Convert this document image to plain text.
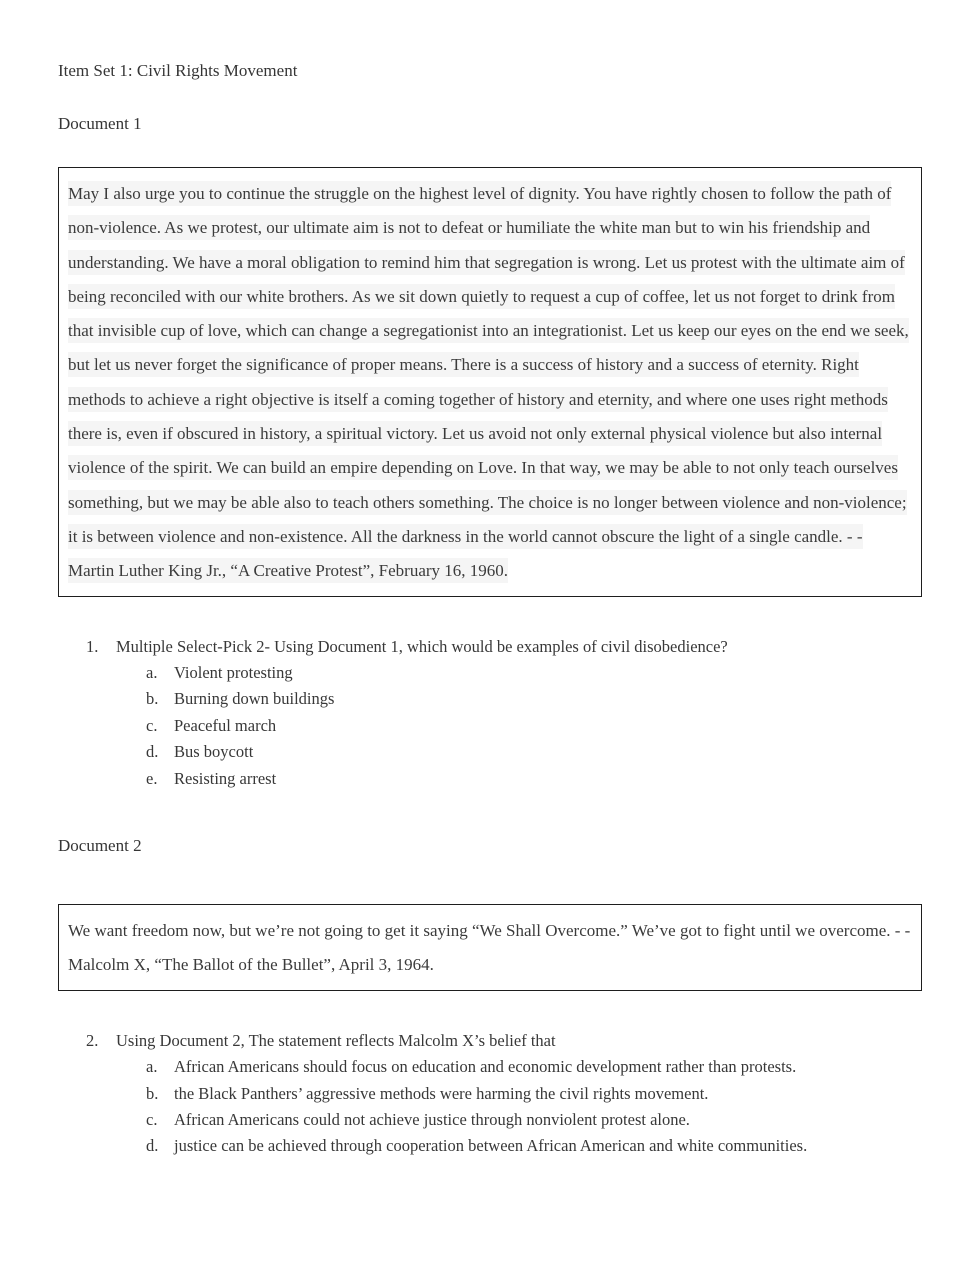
Item Set 1: Civil Rights Movement
Document 1

May I also urge you to continue the struggle on the highest level of dignity. You have rightly chosen to follow the path of non-violence. As we protest, our ultimate aim is not to defeat or humiliate the white man but to win his friendship and understanding. We have a moral obligation to remind him that segregation is wrong. Let us protest with the ultimate aim of being reconciled with our white brothers. As we sit down quietly to request a cup of coffee, let us not forget to drink from that invisible cup of love, which can change a segregationist into an integrationist. Let us keep our eyes on the end we seek, but let us never forget the significance of proper means. There is a success of history and a success of eternity. Right methods to achieve a right objective is itself a coming together of history and eternity, and where one uses right methods there is, even if obscured in history, a spiritual victory. Let us avoid not only external physical violence but also internal violence of the spirit. We can build an empire depending on Love. In that way, we may be able to not only teach ourselves something, but we may be able also to teach others something. The choice is no longer between violence and non-violence; it is between violence and non-existence. All the darkness in the world cannot obscure the light of a single candle. - - Martin Luther King Jr., “A Creative Protest”, February 16, 1960.

1.	Multiple Select-Pick 2- Using Document 1, which would be examples of civil disobedience?
a.	Violent protesting
b. Burning down buildings
c.	Peaceful march
d. Bus boycott
e.	Resisting arrest
Document 2

We want freedom now, but we’re not going to get it saying “We Shall Overcome.” We’ve got to fight until we overcome. - - Malcolm X, “The Ballot of the Bullet”, April 3, 1964.

2.	Using Document 2, The statement reflects Malcolm X’s belief that
a.	African Americans should focus on education and economic development rather than protests.
b. the Black Panthers’ aggressive methods were harming the civil rights movement.
c.	African Americans could not achieve justice through nonviolent protest alone.
d. justice can be achieved through cooperation between African American and white communities.
